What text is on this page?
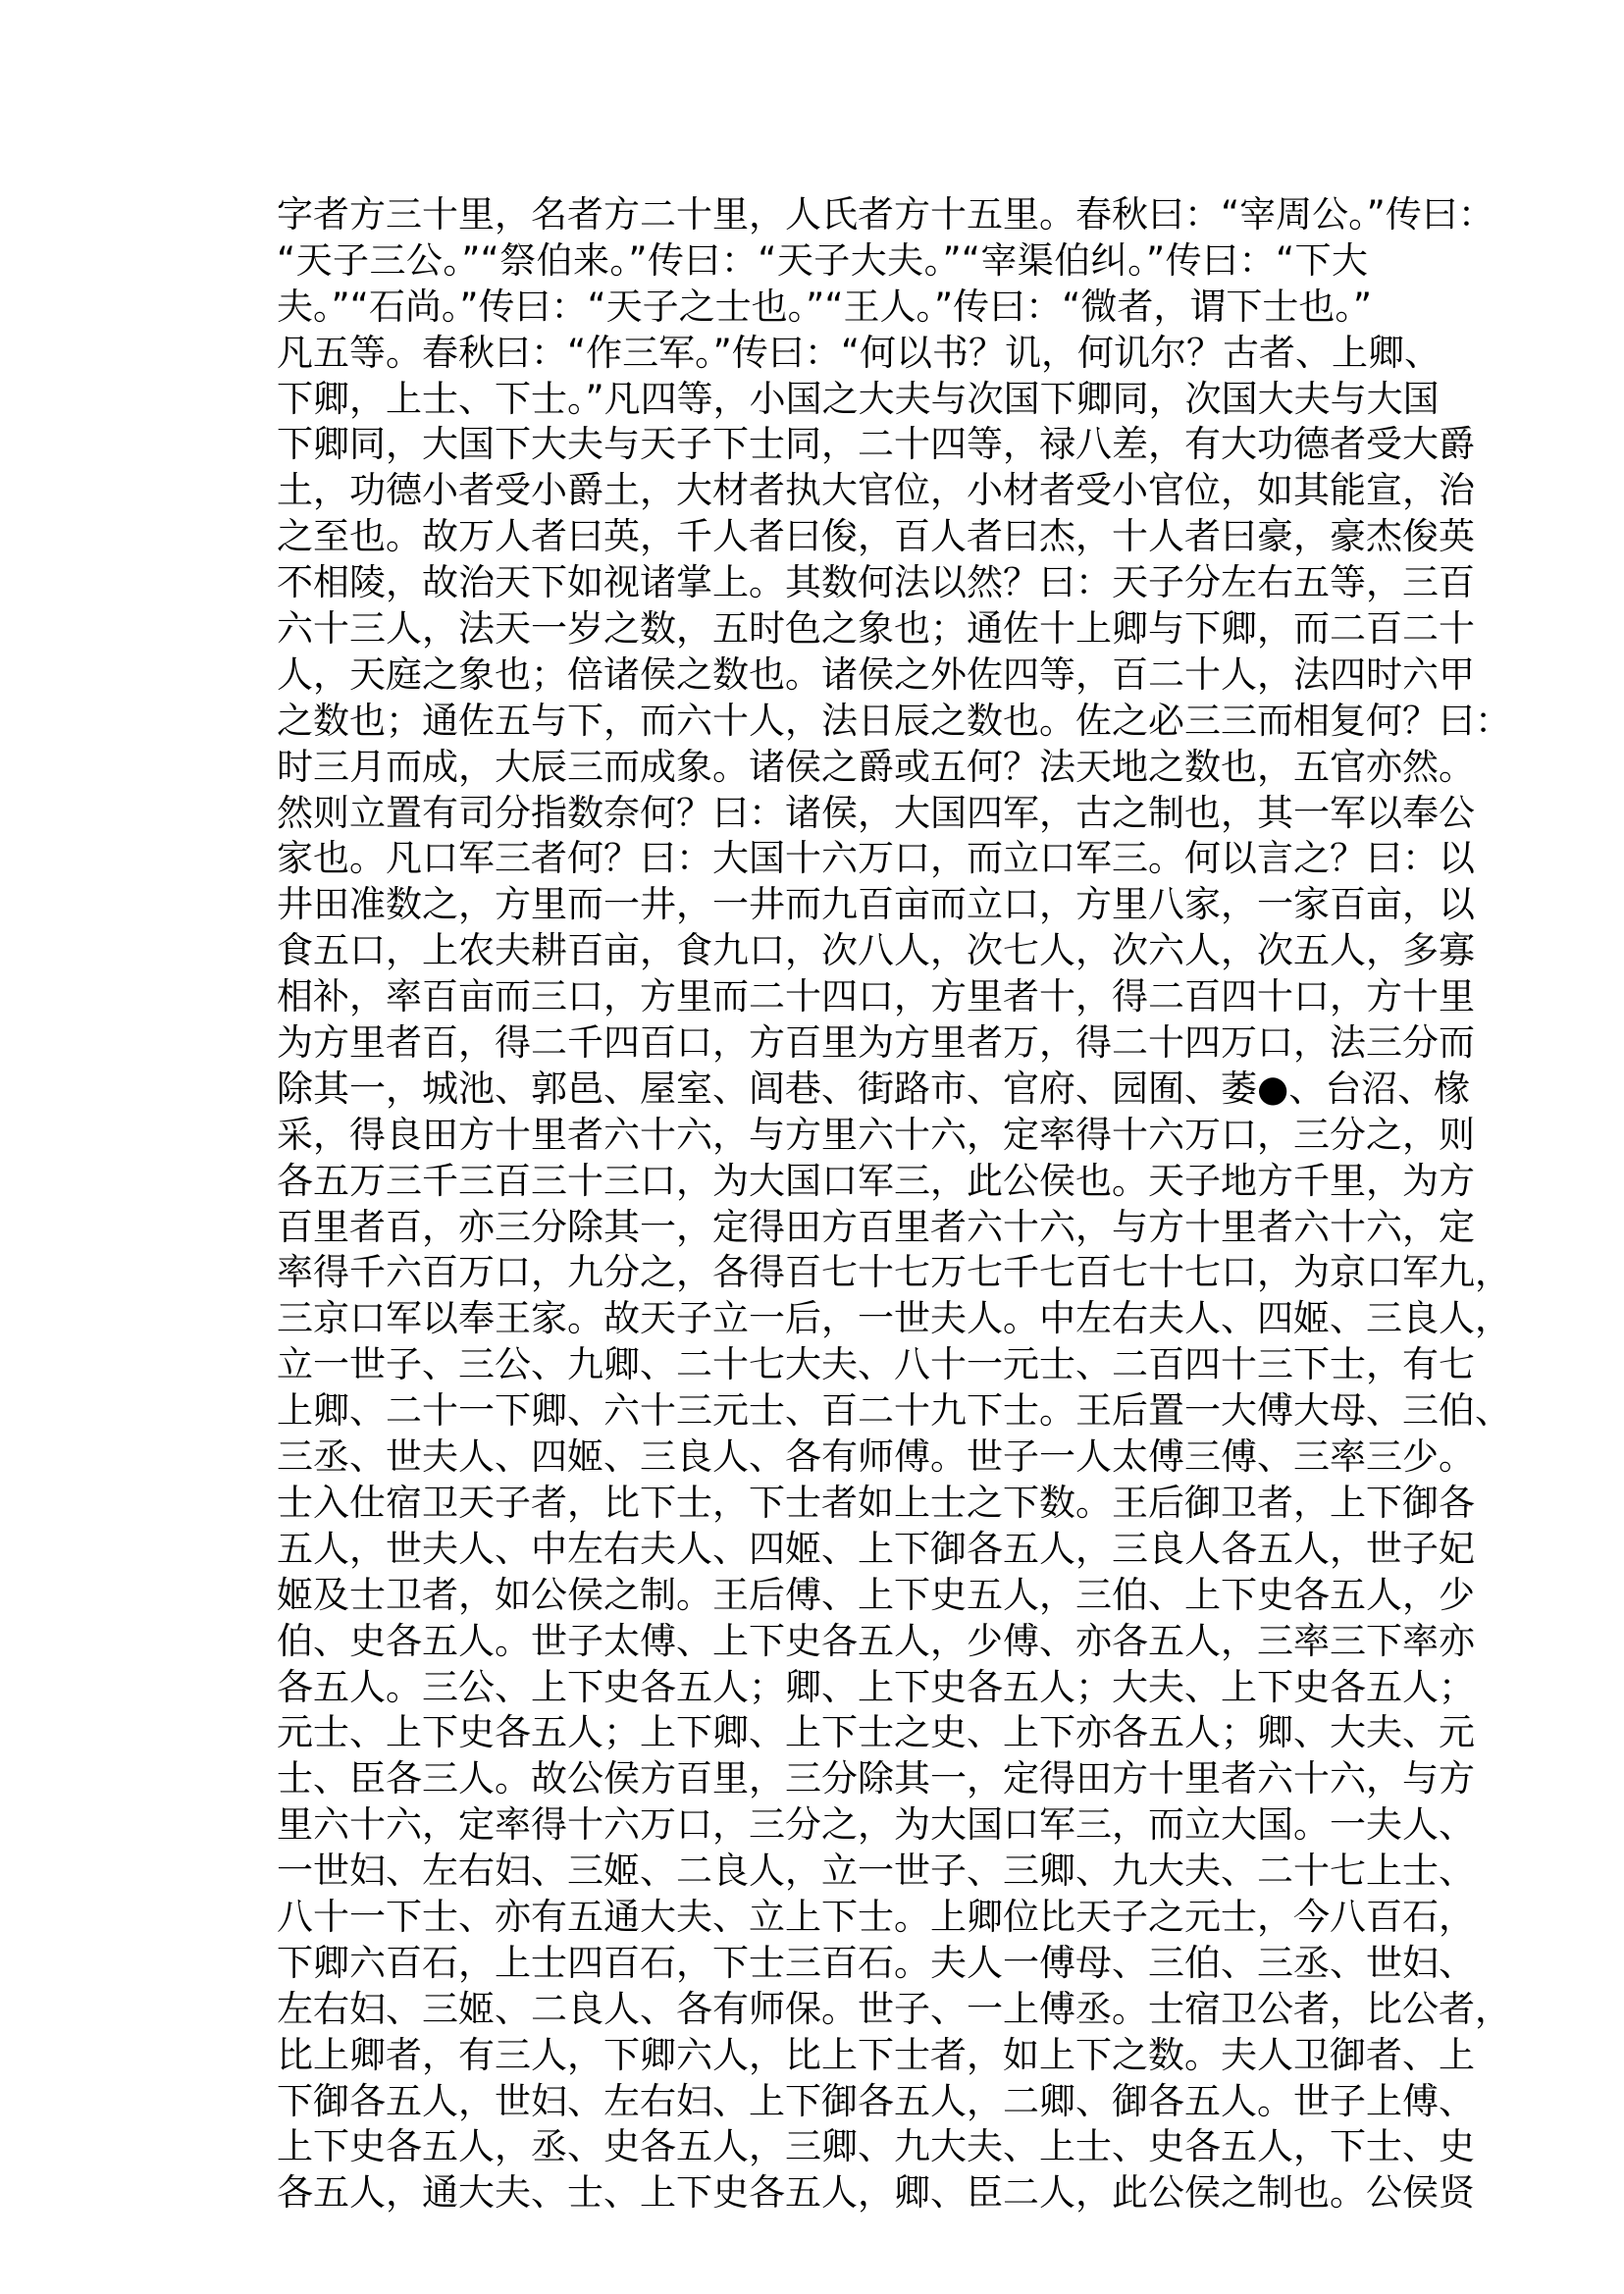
字者方三十里，名者方二十里，人氏者方十五里。春秋曰：“宰周公。”传曰：
“天子三公。”“祭伯来。”传曰：“天子大夫。”“宰渠伯纠。”传曰：“下大
夫。”“石尚。”传曰：“天子之士也。”“王人。”传曰：“微者，谓下士也。”
凡五等。春秋曰：“作三军。”传曰：“何以书？讥，何讥尔？古者、上卿、
下卿，上士、下士。”凡四等，小国之大夫与次国下卿同，次国大夫与大国
下卿同，大国下大夫与天子下士同，二十四等，禄八差，有大功德者受大爵
土，功德小者受小爵土，大材者执大官位，小材者受小官位，如其能宣，治
之至也。故万人者曰英，千人者曰俊，百人者曰杰，十人者曰豪，豪杰俊英
不相陵，故治天下如视诸掌上。其数何法以然？曰：天子分左右五等，三百
六十三人，法天一岁之数，五时色之象也；通佐十上卿与下卿，而二百二十
人，天庭之象也；倍诸侯之数也。诸侯之外佐四等，百二十人，法四时六甲
之数也；通佐五与下，而六十人，法日辰之数也。佐之必三三而相复何？曰：
时三月而成，大辰三而成象。诸侯之爵或五何？法天地之数也，五官亦然。
然则立置有司分指数奈何？曰：诸侯，大国四军，古之制也，其一军以奉公
家也。凡口军三者何？曰：大国十六万口，而立口军三。何以言之？曰：以
井田准数之，方里而一井，一井而九百亩而立口，方里八家，一家百亩，以
食五口，上农夫耕百亩，食九口，次八人，次七人，次六人，次五人，多寡
相补，率百亩而三口，方里而二十四口，方里者十，得二百四十口，方十里
为方里者百，得二千四百口，方百里为方里者万，得二十四万口，法三分而
除其一，城池、郭邑、屋室、闾巷、街路市、官府、园囿、萎●、台沼、椽
采，得良田方十里者六十六，与方里六十六，定率得十六万口，三分之，则
各五万三千三百三十三口，为大国口军三，此公侯也。天子地方千里，为方
百里者百，亦三分除其一，定得田方百里者六十六，与方十里者六十六，定
率得千六百万口，九分之，各得百七十七万七千七百七十七口，为京口军九，
三京口军以奉王家。故天子立一后，一世夫人。中左右夫人、四姬、三良人，
立一世子、三公、九卿、二十七大夫、八十一元士、二百四十三下士，有七
上卿、二十一下卿、六十三元士、百二十九下士。王后置一大傅大母、三伯、
三丞、世夫人、四姬、三良人、各有师傅。世子一人太傅三傅、三率三少。
士入仕宿卫天子者，比下士，下士者如上士之下数。王后御卫者，上下御各
五人，世夫人、中左右夫人、四姬、上下御各五人，三良人各五人，世子妃
姬及士卫者，如公侯之制。王后傅、上下史五人，三伯、上下史各五人，少
伯、史各五人。世子太傅、上下史各五人，少傅、亦各五人，三率三下率亦
各五人。三公、上下史各五人；卿、上下史各五人；大夫、上下史各五人；
元士、上下史各五人；上下卿、上下士之史、上下亦各五人；卿、大夫、元
士、臣各三人。故公侯方百里，三分除其一，定得田方十里者六十六，与方
里六十六，定率得十六万口，三分之，为大国口军三，而立大国。一夫人、
一世妇、左右妇、三姬、二良人，立一世子、三卿、九大夫、二十七上士、
八十一下士、亦有五通大夫、立上下士。上卿位比天子之元士，今八百石，
下卿六百石，上士四百石，下士三百石。夫人一傅母、三伯、三丞、世妇、
左右妇、三姬、二良人、各有师保。世子、一上傅丞。士宿卫公者，比公者，
比上卿者，有三人，下卿六人，比上下士者，如上下之数。夫人卫御者、上
下御各五人，世妇、左右妇、上下御各五人，二卿、御各五人。世子上傅、
上下史各五人，丞、史各五人，三卿、九大夫、上士、史各五人，下士、史
各五人，通大夫、士、上下史各五人，卿、臣二人，此公侯之制也。公侯贤
